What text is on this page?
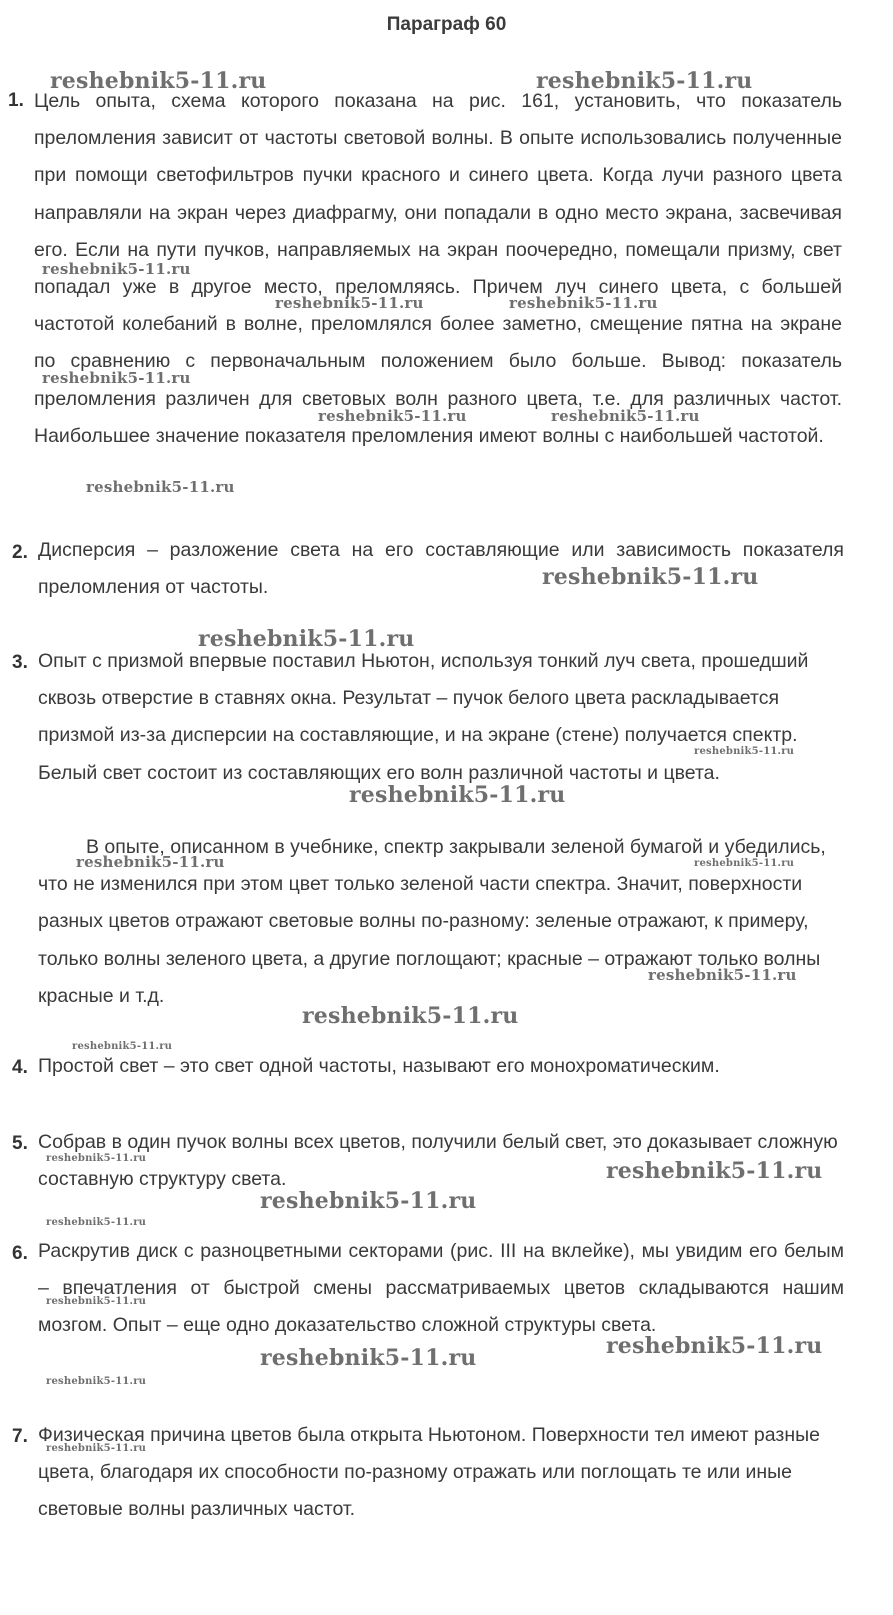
Параграф 60
1. Цель опыта, схема которого показана на рис. 161, установить, что показатель преломления зависит от частоты световой волны. В опыте использовались полученные при помощи светофильтров пучки красного и синего цвета. Когда лучи разного цвета направляли на экран через диафрагму, они попадали в одно место экрана, засвечивая его. Если на пути пучков, направляемых на экран поочередно, помещали призму, свет попадал уже в другое место, преломляясь. Причем луч синего цвета, с большей частотой колебаний в волне, преломлялся более заметно, смещение пятна на экране по сравнению с первоначальным положением было больше. Вывод: показатель преломления различен для световых волн разного цвета, т.е. для различных частот. Наибольшее значение показателя преломления имеют волны с наибольшей частотой.
2. Дисперсия – разложение света на его составляющие или зависимость показателя преломления от частоты.
3. Опыт с призмой впервые поставил Ньютон, используя тонкий луч света, прошедший сквозь отверстие в ставнях окна. Результат – пучок белого цвета раскладывается призмой из-за дисперсии на составляющие, и на экране (стене) получается спектр. Белый свет состоит из составляющих его волн различной частоты и цвета.
В опыте, описанном в учебнике, спектр закрывали зеленой бумагой и убедились, что не изменился при этом цвет только зеленой части спектра. Значит, поверхности разных цветов отражают световые волны по-разному: зеленые отражают, к примеру, только волны зеленого цвета, а другие поглощают; красные – отражают только волны красные и т.д.
4. Простой свет – это свет одной частоты, называют его монохроматическим.
5. Собрав в один пучок волны всех цветов, получили белый свет, это доказывает сложную составную структуру света.
6. Раскрутив диск с разноцветными секторами (рис. III на вклейке), мы увидим его белым – впечатления от быстрой смены рассматриваемых цветов складываются нашим мозгом. Опыт – еще одно доказательство сложной структуры света.
7. Физическая причина цветов была открыта Ньютоном. Поверхности тел имеют разные цвета, благодаря их способности по-разному отражать или поглощать те или иные световые волны различных частот.
reshebnik5-11.ru	reshebnik5-11.ru
reshebnik5-11.ru
reshebnik5-11.ru	reshebnik5-11.ru
reshebnik5-11.ru
reshebnik5-11.ru	reshebnik5-11.ru
reshebnik5-11.ru
reshebnik5-11.ru
reshebnik5-11.ru
reshebnik5-11.ru
reshebnik5-11.ru
reshebnik5-11.ru	reshebnik5-11.ru
reshebnik5-11.ru
reshebnik5-11.ru
reshebnik5-11.ru
reshebnik5-11.ru	reshebnik5-11.ru
reshebnik5-11.ru
reshebnik5-11.ru
reshebnik5-11.ru
reshebnik5-11.ru
reshebnik5-11.ru
reshebnik5-11.ru
reshebnik5-11.ru
